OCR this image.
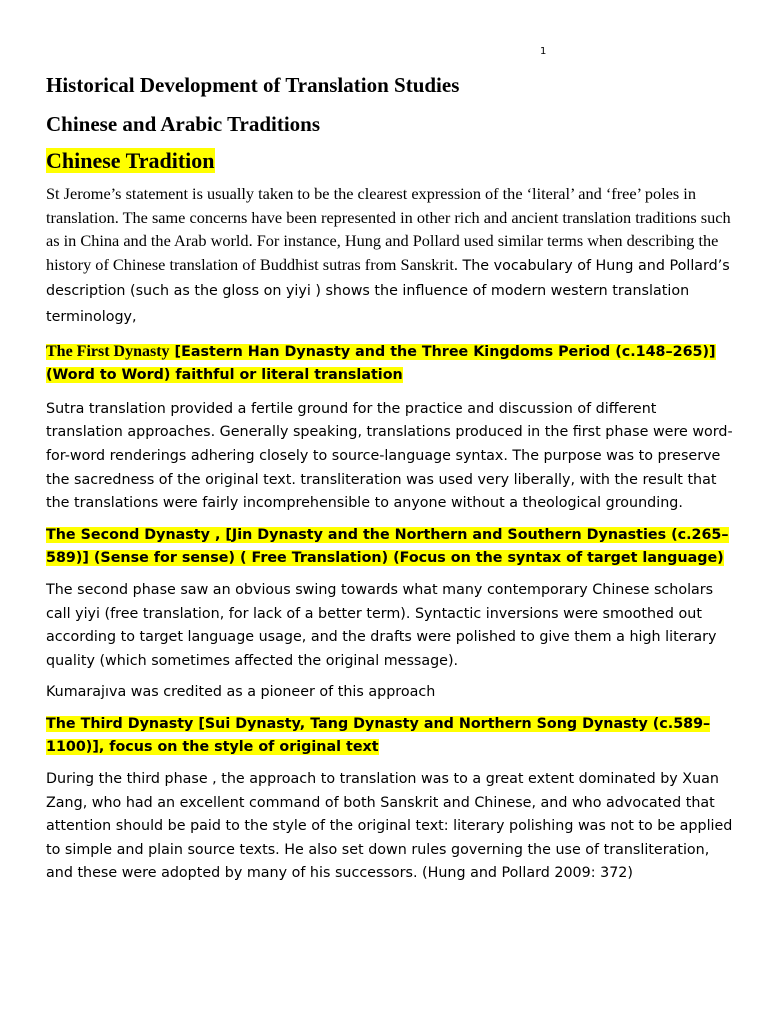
1
Historical Development of Translation Studies
Chinese and Arabic Traditions
Chinese Tradition

St Jerome’s statement is usually taken to be the clearest expression of the ‘literal’ and ‘free’ poles in translation. The same concerns have been represented in other rich and ancient translation traditions such as in China and the Arab world. For instance, Hung and Pollard used similar terms when describing the history of Chinese translation of Buddhist sutras from Sanskrit. The vocabulary of Hung and Pollard’s description (such as the gloss on yiyi ) shows the influence of modern western translation terminology,

The First Dynasty [Eastern Han Dynasty and the Three Kingdoms Period (c.148–265)] (Word to Word) faithful or literal translation

Sutra translation provided a fertile ground for the practice and discussion of different translation approaches. Generally speaking, translations produced in the first phase were word-for-word renderings adhering closely to source-language syntax. The purpose was to preserve the sacredness of the original text. transliteration was used very liberally, with the result that the translations were fairly incomprehensible to anyone without a theological grounding.

The Second Dynasty , [Jin Dynasty and the Northern and Southern Dynasties (c.265–589)] (Sense for sense) ( Free Translation) (Focus on the syntax of target language)

The second phase saw an obvious swing towards what many contemporary Chinese scholars call yiyi (free translation, for lack of a better term). Syntactic inversions were smoothed out according to target language usage, and the drafts were polished to give them a high literary quality (which sometimes affected the original message).

Kumarajıva was credited as a pioneer of this approach

The Third Dynasty [Sui Dynasty, Tang Dynasty and Northern Song Dynasty (c.589– 1100)], focus on the style of original text

During the third phase , the approach to translation was to a great extent dominated by Xuan Zang, who had an excellent command of both Sanskrit and Chinese, and who advocated that attention should be paid to the style of the original text: literary polishing was not to be applied to simple and plain source texts. He also set down rules governing the use of transliteration, and these were adopted by many of his successors. (Hung and Pollard 2009: 372)
